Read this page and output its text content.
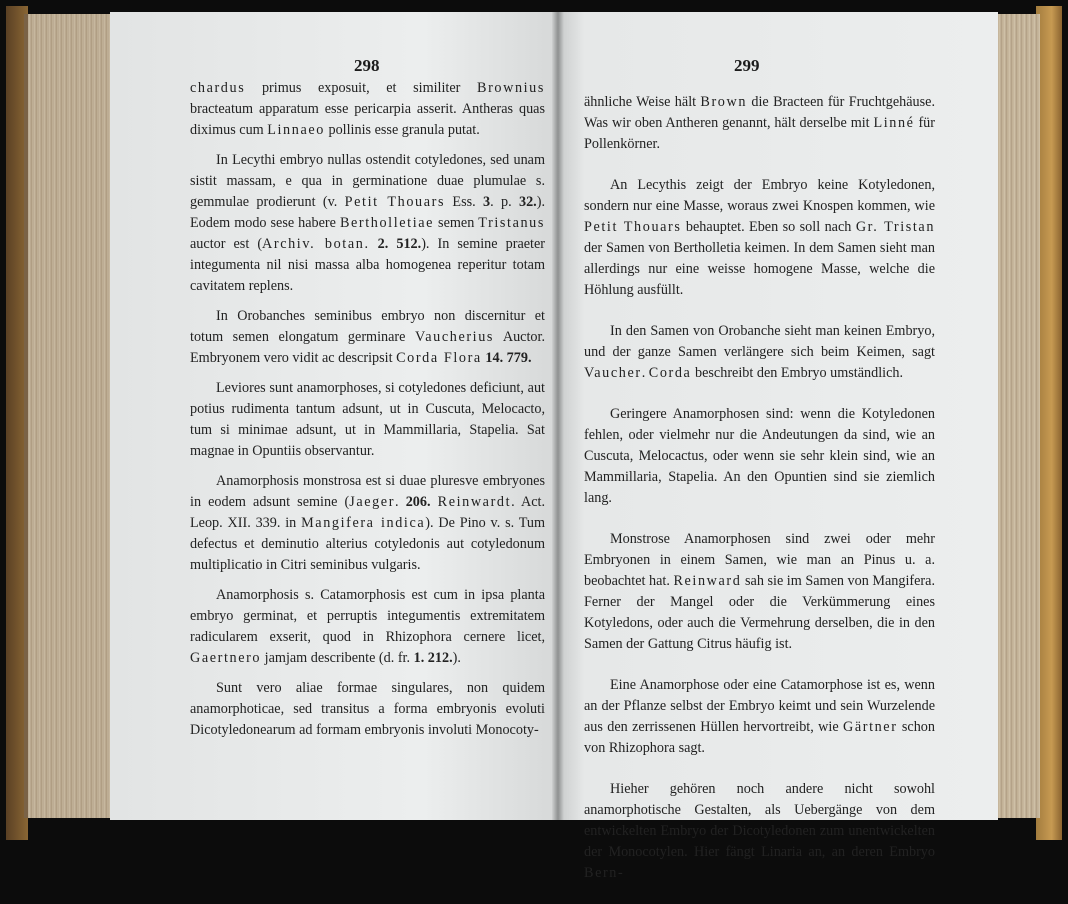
298

chardus primus exposuit, et similiter Brownius bracteatum apparatum esse pericarpia asserit. Antheras quas diximus cum Linnaeo pollinis esse granula putat.

In Lecythi embryo nullas ostendit cotyledones, sed unam sistit massam, e qua in germinatione duae plumulae s. gemmulae prodierunt (v. Petit Thouars Ess. 3. p. 32.). Eodem modo sese habere Bertholletiae semen Tristanus auctor est (Archiv. botan. 2. 512.). In semine praeter integumenta nil nisi massa alba homogenea reperitur totam cavitatem replens.

In Orobanches seminibus embryo non discernitur et totum semen elongatum germinare Vaucherius Auctor. Embryonem vero vidit ac descripsit Corda Flora 14. 779.

Leviores sunt anamorphoses, si cotyledones deficiunt, aut potius rudimenta tantum adsunt, ut in Cuscuta, Melocacto, tum si minimae adsunt, ut in Mammillaria, Stapelia. Sat magnae in Opuntiis observantur.

Anamorphosis monstrosa est si duae pluresve embryones in eodem adsunt semine (Jaeger. 206. Reinwardt. Act. Leop. XII. 339. in Mangifera indica). De Pino v. s. Tum defectus et deminutio alterius cotyledonis aut cotyledonum multiplicatio in Citri seminibus vulgaris.

Anamorphosis s. Catamorphosis est cum in ipsa planta embryo germinat, et perruptis integumentis extremitatem radicularem exserit, quod in Rhizophora cernere licet, Gaertnero jamjam describente (d. fr. 1. 212.).

Sunt vero aliae formae singulares, non quidem anamorphoticae, sed transitus a forma embryonis evoluti Dicotyledonearum ad formam embryonis involuti Monocoty-

299

ähnliche Weise hält Brown die Bracteen für Fruchtgehäuse. Was wir oben Antheren genannt, hält derselbe mit Linné für Pollenkörner.

An Lecythis zeigt der Embryo keine Kotyledonen, sondern nur eine Masse, woraus zwei Knospen kommen, wie Petit Thouars behauptet. Eben so soll nach Gr. Tristan der Samen von Bertholletia keimen. In dem Samen sieht man allerdings nur eine weisse homogene Masse, welche die Höhlung ausfüllt.

In den Samen von Orobanche sieht man keinen Embryo, und der ganze Samen verlängere sich beim Keimen, sagt Vaucher. Corda beschreibt den Embryo umständlich.

Geringere Anamorphosen sind: wenn die Kotyledonen fehlen, oder vielmehr nur die Andeutungen da sind, wie an Cuscuta, Melocactus, oder wenn sie sehr klein sind, wie an Mammillaria, Stapelia. An den Opuntien sind sie ziemlich lang.

Monstrose Anamorphosen sind zwei oder mehr Embryonen in einem Samen, wie man an Pinus u. a. beobachtet hat. Reinward sah sie im Samen von Mangifera. Ferner der Mangel oder die Verkümmerung eines Kotyledons, oder auch die Vermehrung derselben, die in den Samen der Gattung Citrus häufig ist.

Eine Anamorphose oder eine Catamorphose ist es, wenn an der Pflanze selbst der Embryo keimt und sein Wurzelende aus den zerrissenen Hüllen hervortreibt, wie Gärtner schon von Rhizophora sagt.

Hieher gehören noch andere nicht sowohl anamorphotische Gestalten, als Uebergänge von dem entwickelten Embryo der Dicotyledonen zum unentwickelten der Monocotylen. Hier fängt Linaria an, an deren Embryo Bern-
